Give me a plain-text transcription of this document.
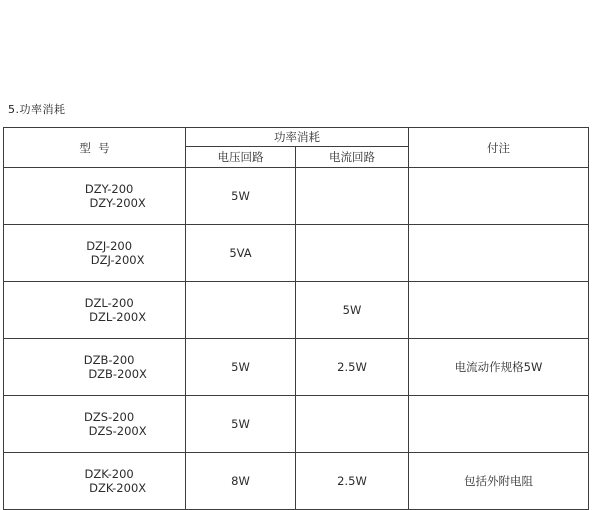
5.功率消耗
型  号	功率消耗		付注
	电压回路	电流回路	

DZY-200
DZY-200X	5W		

DZJ-200
DZJ-200X	5VA		

DZL-200
DZL-200X		5W	

DZB-200
DZB-200X	5W	2.5W	电流动作规格5W

DZS-200
DZS-200X	5W		

DZK-200
DZK-200X	8W	2.5W	包括外附电阻
